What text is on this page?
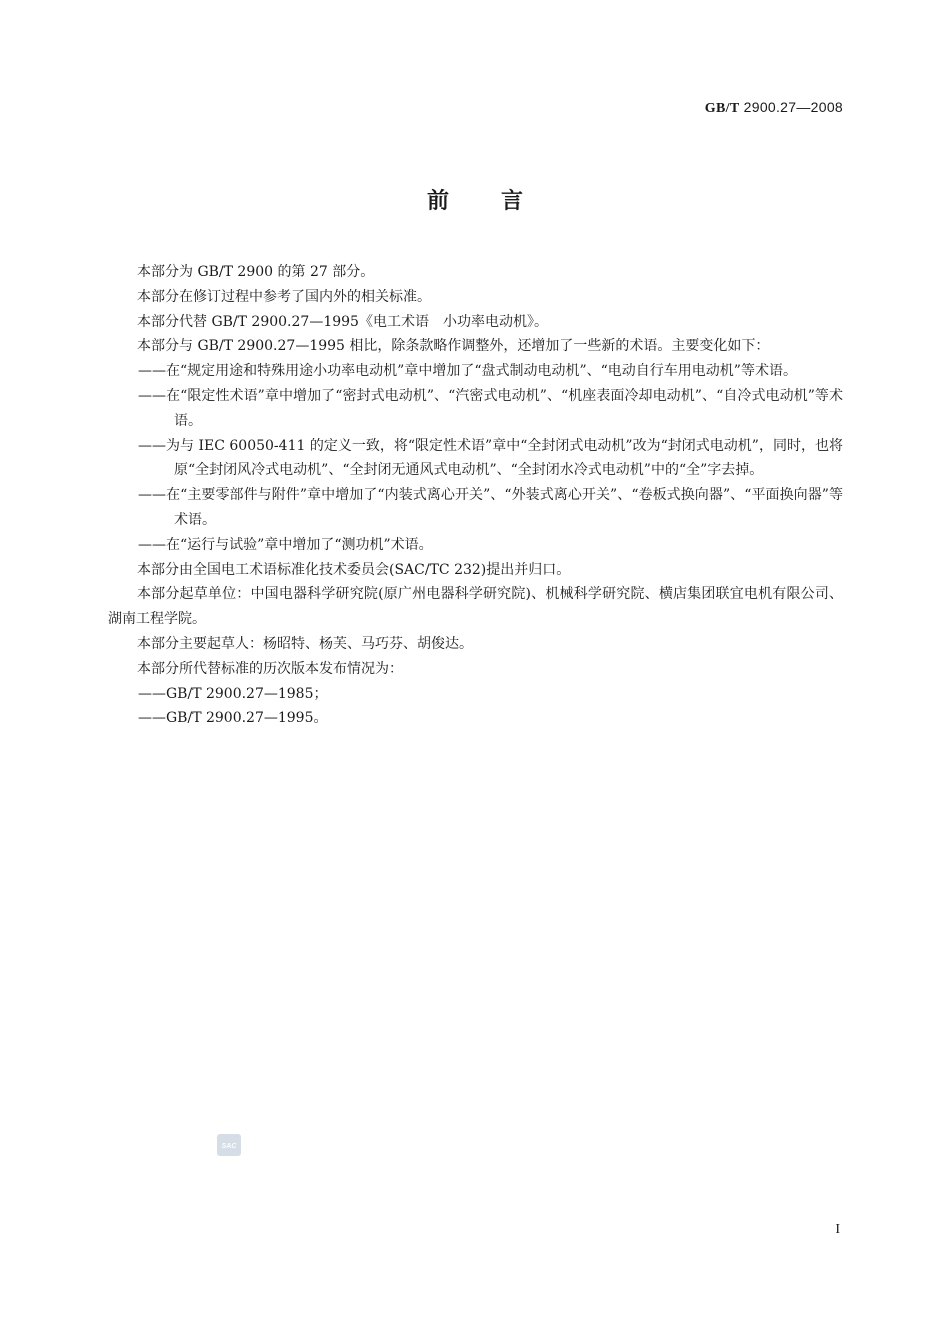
GB/T 2900.27—2008
前言

本部分为 GB/T 2900 的第 27 部分。

本部分在修订过程中参考了国内外的相关标准。

本部分代替 GB/T 2900.27—1995《电工术语　小功率电动机》。

本部分与 GB/T 2900.27—1995 相比，除条款略作调整外，还增加了一些新的术语。主要变化如下：

——在“规定用途和特殊用途小功率电动机”章中增加了“盘式制动电动机”、“电动自行车用电动机”等术语。

——在“限定性术语”章中增加了“密封式电动机”、“汽密式电动机”、“机座表面冷却电动机”、“自冷式电动机”等术语。

——为与 IEC 60050-411 的定义一致，将“限定性术语”章中“全封闭式电动机”改为“封闭式电动机”，同时，也将原“全封闭风冷式电动机”、“全封闭无通风式电动机”、“全封闭水冷式电动机”中的“全”字去掉。

——在“主要零部件与附件”章中增加了“内装式离心开关”、“外装式离心开关”、“卷板式换向器”、“平面换向器”等术语。

——在“运行与试验”章中增加了“测功机”术语。

本部分由全国电工术语标准化技术委员会(SAC/TC 232)提出并归口。

本部分起草单位：中国电器科学研究院(原广州电器科学研究院)、机械科学研究院、横店集团联宜电机有限公司、湖南工程学院。

本部分主要起草人：杨昭特、杨芙、马巧芬、胡俊达。

本部分所代替标准的历次版本发布情况为：

——GB/T 2900.27—1985；

——GB/T 2900.27—1995。

SAC
I
